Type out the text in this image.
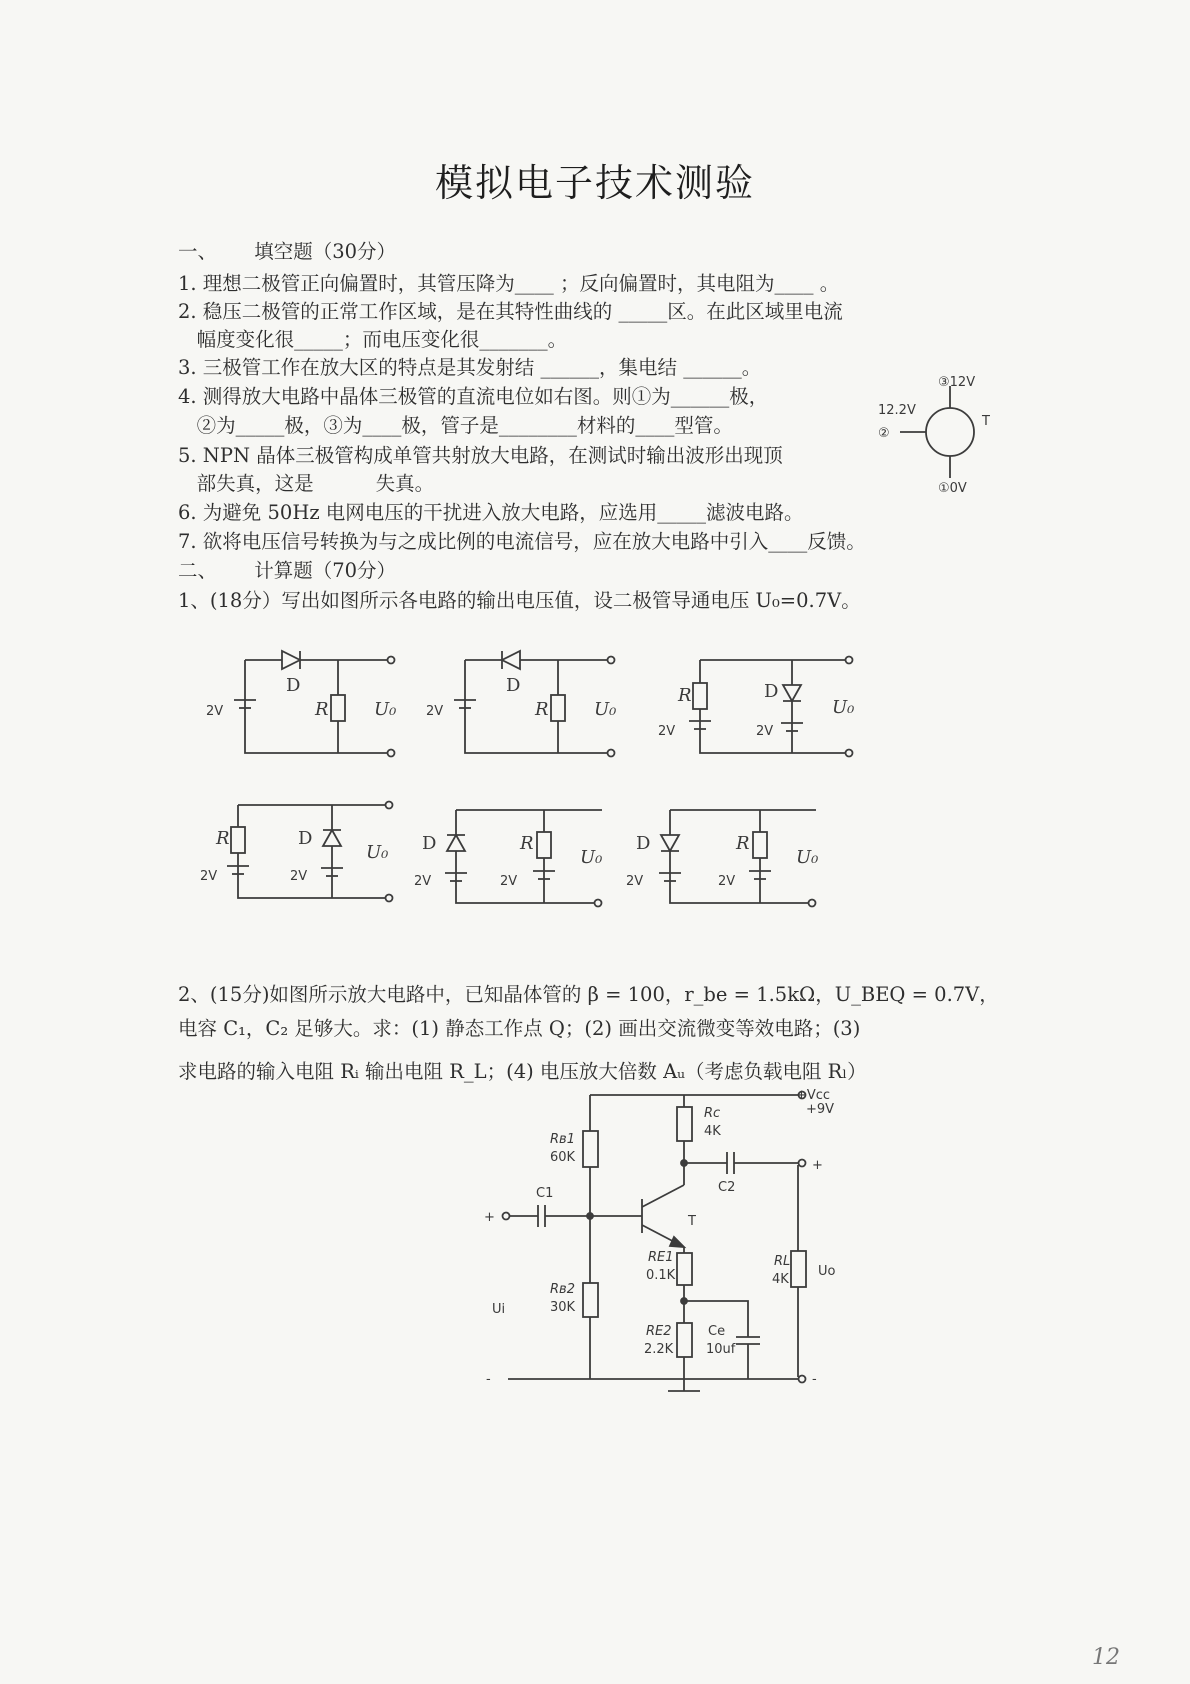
模拟电子技术测验
一、      填空题（30分）
1. 理想二极管正向偏置时，其管压降为____ ；反向偏置时，其电阻为____ 。
2. 稳压二极管的正常工作区域，是在其特性曲线的 _____区。在此区域里电流
幅度变化很_____；而电压变化很_______。
3. 三极管工作在放大区的特点是其发射结 ______，集电结 ______。
4. 测得放大电路中晶体三极管的直流电位如右图。则①为______极，
②为_____极，③为____极，管子是________材料的____型管。
5. NPN 晶体三极管构成单管共射放大电路，在测试时输出波形出现顶
部失真，这是          失真。
6. 为避免 50Hz 电网电压的干扰进入放大电路，应选用_____滤波电路。
7. 欲将电压信号转换为与之成比例的电流信号，应在放大电路中引入____反馈。
二、      计算题（70分）
1、(18分）写出如图所示各电路的输出电压值，设二极管导通电压 U₀=0.7V。
③12V
12.2V
②
①0V
T
2V
D
R	U₀ 2V
D
R	U₀
R
2V
D
2V
U₀
R
2V
D
2V
U₀ D
2V
R
2V
U₀
D
2V
R
2V
U₀
2、(15分)如图所示放大电路中，已知晶体管的 β = 100，r_be = 1.5kΩ，U_BEQ = 0.7V，
电容 C₁，C₂ 足够大。求：(1) 静态工作点 Q；(2) 画出交流微变等效电路；(3)
求电路的输入电阻 Rᵢ 输出电阻 R_L；(4) 电压放大倍数 Aᵤ（考虑负载电阻 Rₗ）
+Vcc
+9V
Rв1
60K
Rв2
30K
Rc
4K
C1	C2
T
RE1
0.1K
RE2
2.2K
Ce
10uf
RL
4K
Uo
Ui
+
-
+
-
12
